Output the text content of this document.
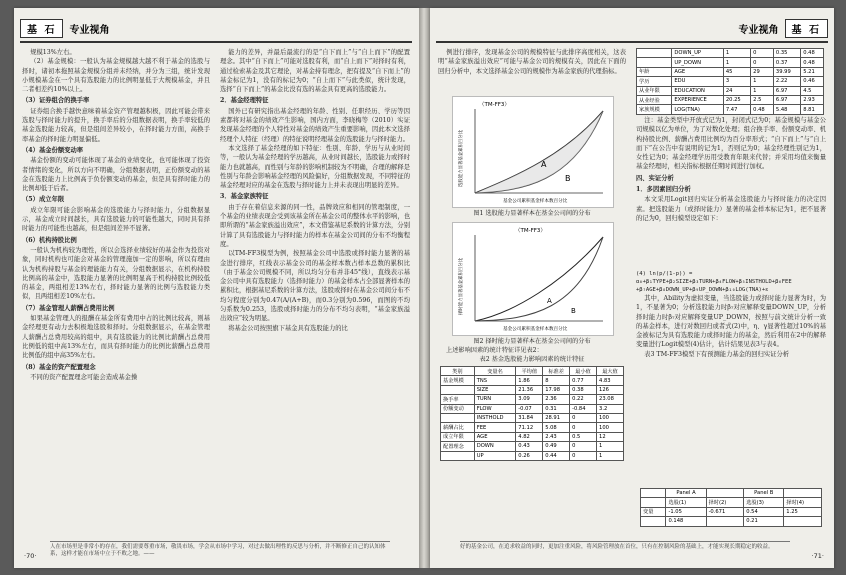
基 石	专业视角

规模13%左右。

（2）基金规模：一般认为基金规模越大越不利于基金的选股与择时，诸初本拖照基金规模分组并未经纳，并分为三组，统计发现小规模基金在一个具有选股能力的比例明显低于大规模基金，并且二者相差约10%以上。

（3）证券组合的换手率

证券组合换手越快意味着基金资产管理越积极，因此可能会带来选股与择时能力的提升，换手率后的分组数据表明，换手率较低的基金选股能力较高，但是组间差异较小，在择时能力方面，高换手率基金的择时能力明显偏低。

（4）基金份额变动率

基金份额的变动可能体现了基金的业绩变化，也可能体现了投资者情绪的变化，所以方向不明确，分组数据表明，正份额变动的基金在选股能力上比例高于负份额变动的基金，但是具有择时能力的比例却低于后者。

（5）成立年限

成立年限可能会影响基金的选股能力与择时能力，分组数据显示，基金成立时间越长，具有选股能力的可能性越大，同时具有择时能力的可能性也越高，但是组间差异不显著。

（6）机构持股比例

一般认为机构较为理性，所以会选择业绩较好的基金作为投资对象，同时机构也可能会对基金的管理施加一定的影响，所以有理由认为机构持股与基金的理能能力有关，分组数据显示，在机构持股比例高的基金中，选股能力显著的比例明显高于机构持股比例较低的基金，两组相差13%左右，择时能力显著的比例与选股能力类似，且两组相差10%左右。

（7）基金管理人薪酬占费用比例

如果基金管理人的报酬在基金所有费用中占的比例比较高，则基金经理更有动力去积极地选股和择时。分组数据显示，在基金管理人薪酬占总费用较高的组中，具有选股能力的比例比薪酬占总费用比例低的组中高13%左右，而具有择时能力的比例比薪酬占总费用比例低的组中高35%左右。

（8）基金的资产配置理念

不同的资产配置理念可能会造成基金操

能力的差异，并最后最流行的是“自下而上”与“自上而下”的配置理念。其中“自下而上”可能对选股有利，而“自上而下”对择时有利，通过检索基金及其它理论，对基金持有理念，把有提及“自下而上”的基金标记为1，没有的标记为0；“自上而下”与此类似，统计发现，选择“自下而上”的基金比没有选的基金具有更高的选股能力。

2．基金经理特征

国外已有研究指出基金经理的年龄、性别、任职经历、学历等因素都将对基金的绩效产生影响，国内方面，李晓梅等（2010）实证发现基金经理的个人特性对基金的绩效产生重要影响，因此本文选择经理个人特征（经理）的特征说明经理基金的选股能力与择时能力。

本文选择了基金经理的如下特征：性别、年龄、学历与从业时间等，一般认为基金经理的学历越高，从业时间越长，选股能力或择时能力也就越高，而性别与年龄的影响机制较为不明确，合理的解释是性别与年龄会影响基金经理的风险偏好，分组数据发现，不同特征的基金经理对应的基金在选股与择时能力上并未表现出明显的差异。

3．基金家族特征

由于存在着信息来源的同一性，品牌效应和相同的管理制度，一个基金的业绩表现会受到该基金所在基金公司的整体水平的影响，也即所谓的“基金家族溢出效应”，本文借鉴基尼系数的计算方法，分别计算了具有选股能力与择时能力的样本在基金公司间的分布不均衡程度。

以TM-FF3模型为例，按照基金公司中选股或择时能力显著的基金进行排序，红线表示基金公司的基金样本数占样本总数的累积比（由于基金公司规模不同，所以均匀分布并非45°线），直线表示基金公司中具有选股能力（选择时能力）的基金样本占全部显著样本的累积比，根据基尼系数的计算方法，选股或择时在基金公司间分布不均匀程度分别为0.47(A/(A+B)，而0.3分别为0.596，而图的不均匀系数为0.253，选股或择时能力的分布不均匀表明，“基金家族溢出效应”较为明显。

将基金公司按照旗下基金具有选股能力的比

人在市场里是非常小的存在，我们需要尊重市场，敬畏市场，学会从市场中学习，对过去做出理性的反思与分析，并不断修正自己的认知体系，这样才能在市场中立于不败之地。——
·70·
专业视角	基 石

例进行排序，发现基金公司的规模特征与此排序高度相关，这表明“基金家族溢出效应”可能与基金公司的规模有关，因此在下面的回归分析中，本文选择基金公司的规模作为基金家族的代理指标。

（TM-FF3）
A
B
基金公司累积基金样本数百分比
选股能力显著基金累积百分比
图1 选股能力显著样本在基金公司间的分布
（TM-FF3）
A
B
基金公司累积基金样本数百分比
择时能力显著基金累积百分比
图2 择时能力显著样本在基金公司间的分布
上述影响因素的统计特征详见表2：
表2 基金选股能力影响因素的统计特征
类别	变量名	平均值	标准差	最小值	最大值
基金规模	TNS	1.86	8	0.77	4.83
	SIZE	21.36	17.98	0.38	126
换手率	TURN	3.09	2.36	0.22	23.08
份额变动	FLOW	-0.07	0.31	-0.84	3.2
	INSTHOLD	31.84	28.91	0	100
薪酬占比	FEE	71.12	5.08	0	100
成立年限	AGE	4.82	2.43	0.5	12
配置理念	DOWN	0.43	0.49	0	1
	UP	0.26	0.44	0	1
	DOWN_UP	1	0	0.35	0.48
	UP_DOWN	1	0	0.37	0.48
年龄	AGE	45	29	39.99	5.21
学历	EDU	3	1	2.22	0.46
从业年限	EDUCATION	24	1	6.97	4.5
从业经验	EXPERIENCE	20.25	2.5	6.97	2.93
家族规模	LOG(TNA)	7.47	0.48	5.48	8.81

注：基金类型中开放式记为1，封闭式记为0；基金规模与基金公司规模以亿为单位，为了对数化处理；组合换手率、份额变动率、机构持股比例、薪酬占费用比例均为百分率形式；“自下而上”与“自上而下”在公告中有说明的记为1，否则记为0；基金经理性别记为1，女性记为0；基金经理学历用受教育年限来代替；并采用均值来衡量基金经理时，相关指标根据任期时间进行加权。

四、实证分析

1．多因素回归分析

本文采用Logit回归实证分析基金选股能力与择时能力的决定因素。把选股能力（或择时能力）显著的基金样本标记为1，把不显著的记为0，回归模型设定如下：

(4) ln(p/(1-p)) = α₀+β₁TYPE+β₂SIZE+β₃TURN+β₄FLOW+β₅INSTHOLD+β₆FEE
+β₇AGE+β₈DOWN_UP+β₉UP_DOWN+β₁₀LOG(TNA)+ε

其中，Ability为虚拟变量，当选股能力或择时能力显著为时，为1，不显著为0；分析选股能力时β₇对应解释变量DOWN_UP，分析择时能力时β₇对应解释变量UP_DOWN，按照与前文统计分析一致的基金样本，进行对数回归或者式(2)中，η、γ显著性超过10%的基金被标记为具有选股能力或择时能力的基金，然后利用在2中的解释变量进行Logit模型(4)估计，估计结果见表3与表4。

表3 TM-FF3模型下有预测能力基金的回归实证分析

	Panel A		Panel B	
	选股(1)	择时(2)	选股(3)	择时(4)
变量	-1.05	-0.671	0.54	1.25
	0.148		0.21	
好的基金公司，在追求收益的同时，更加注重风险，将风险管理放在首位，只有在控制风险的基础上，才能实现长期稳定的收益。
·71·
